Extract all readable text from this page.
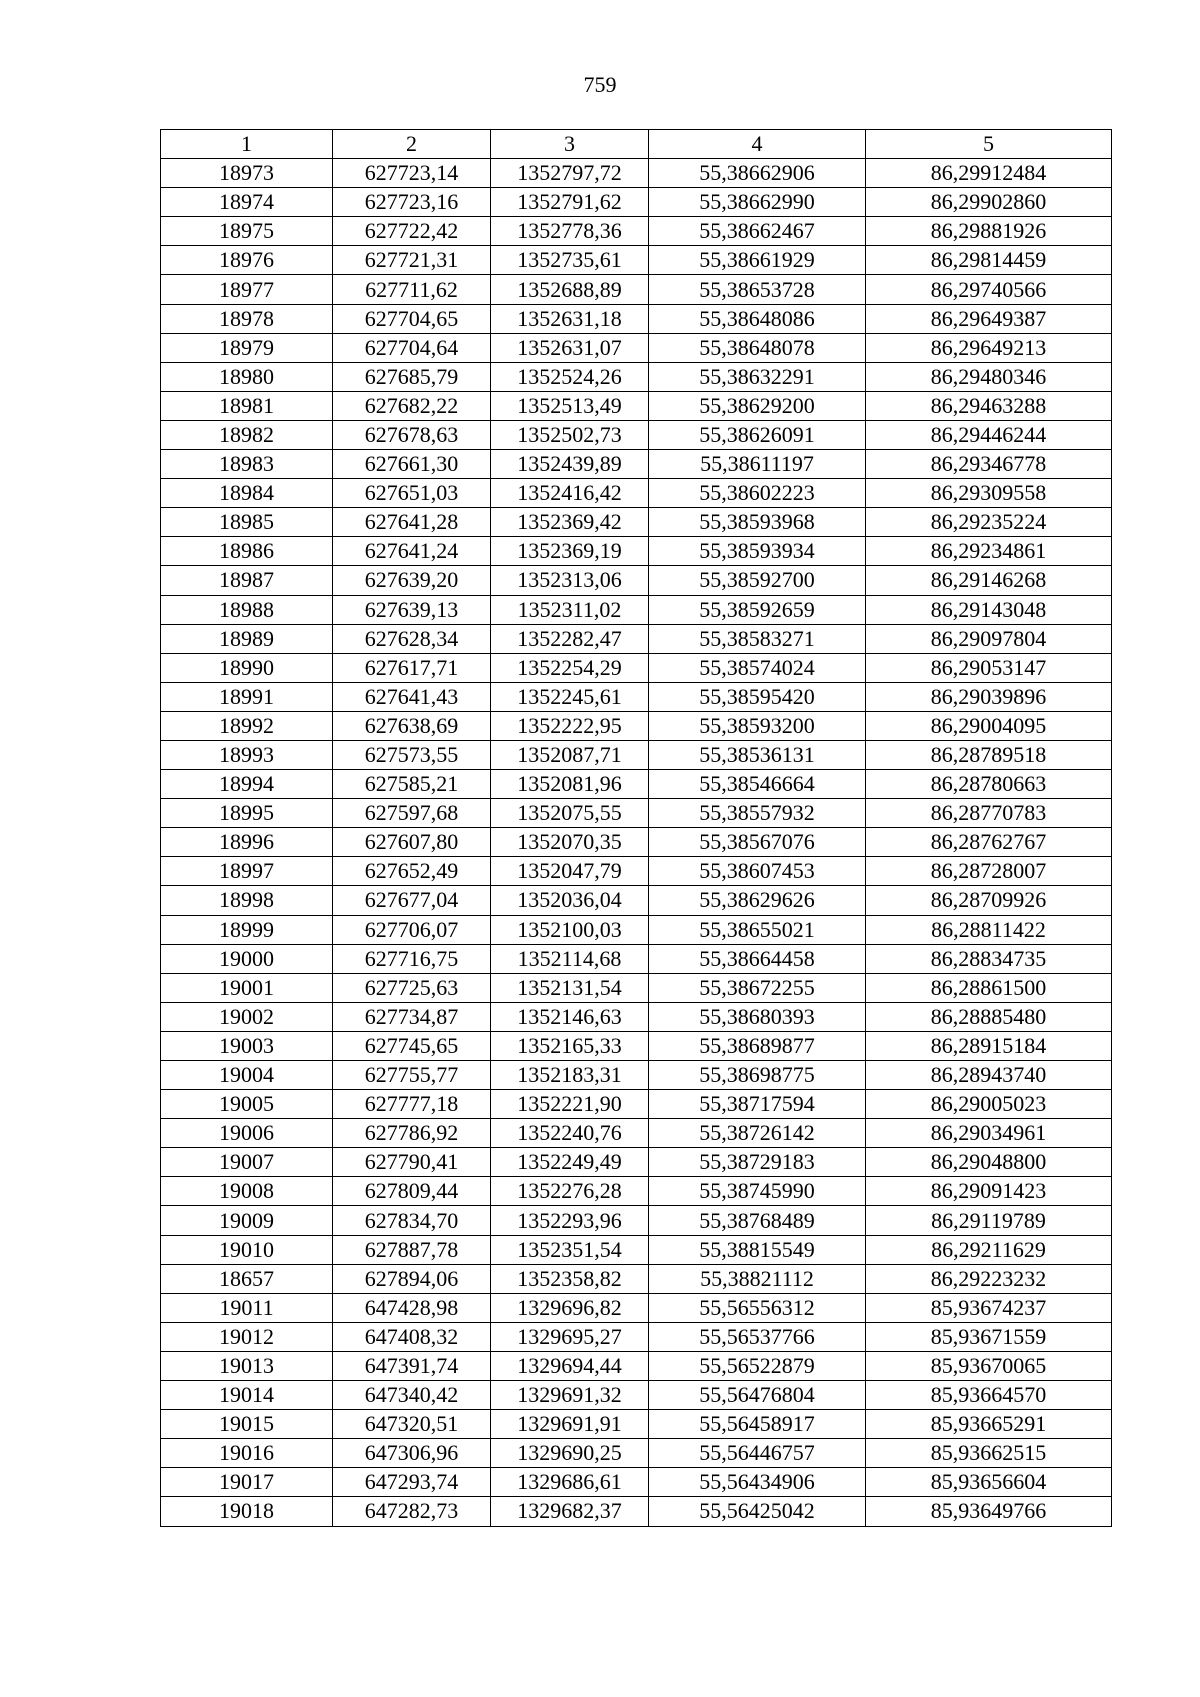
759
1	2	3	4	5
18973	627723,14	1352797,72	55,38662906	86,29912484
18974	627723,16	1352791,62	55,38662990	86,29902860
18975	627722,42	1352778,36	55,38662467	86,29881926
18976	627721,31	1352735,61	55,38661929	86,29814459
18977	627711,62	1352688,89	55,38653728	86,29740566
18978	627704,65	1352631,18	55,38648086	86,29649387
18979	627704,64	1352631,07	55,38648078	86,29649213
18980	627685,79	1352524,26	55,38632291	86,29480346
18981	627682,22	1352513,49	55,38629200	86,29463288
18982	627678,63	1352502,73	55,38626091	86,29446244
18983	627661,30	1352439,89	55,38611197	86,29346778
18984	627651,03	1352416,42	55,38602223	86,29309558
18985	627641,28	1352369,42	55,38593968	86,29235224
18986	627641,24	1352369,19	55,38593934	86,29234861
18987	627639,20	1352313,06	55,38592700	86,29146268
18988	627639,13	1352311,02	55,38592659	86,29143048
18989	627628,34	1352282,47	55,38583271	86,29097804
18990	627617,71	1352254,29	55,38574024	86,29053147
18991	627641,43	1352245,61	55,38595420	86,29039896
18992	627638,69	1352222,95	55,38593200	86,29004095
18993	627573,55	1352087,71	55,38536131	86,28789518
18994	627585,21	1352081,96	55,38546664	86,28780663
18995	627597,68	1352075,55	55,38557932	86,28770783
18996	627607,80	1352070,35	55,38567076	86,28762767
18997	627652,49	1352047,79	55,38607453	86,28728007
18998	627677,04	1352036,04	55,38629626	86,28709926
18999	627706,07	1352100,03	55,38655021	86,28811422
19000	627716,75	1352114,68	55,38664458	86,28834735
19001	627725,63	1352131,54	55,38672255	86,28861500
19002	627734,87	1352146,63	55,38680393	86,28885480
19003	627745,65	1352165,33	55,38689877	86,28915184
19004	627755,77	1352183,31	55,38698775	86,28943740
19005	627777,18	1352221,90	55,38717594	86,29005023
19006	627786,92	1352240,76	55,38726142	86,29034961
19007	627790,41	1352249,49	55,38729183	86,29048800
19008	627809,44	1352276,28	55,38745990	86,29091423
19009	627834,70	1352293,96	55,38768489	86,29119789
19010	627887,78	1352351,54	55,38815549	86,29211629
18657	627894,06	1352358,82	55,38821112	86,29223232
19011	647428,98	1329696,82	55,56556312	85,93674237
19012	647408,32	1329695,27	55,56537766	85,93671559
19013	647391,74	1329694,44	55,56522879	85,93670065
19014	647340,42	1329691,32	55,56476804	85,93664570
19015	647320,51	1329691,91	55,56458917	85,93665291
19016	647306,96	1329690,25	55,56446757	85,93662515
19017	647293,74	1329686,61	55,56434906	85,93656604
19018	647282,73	1329682,37	55,56425042	85,93649766
